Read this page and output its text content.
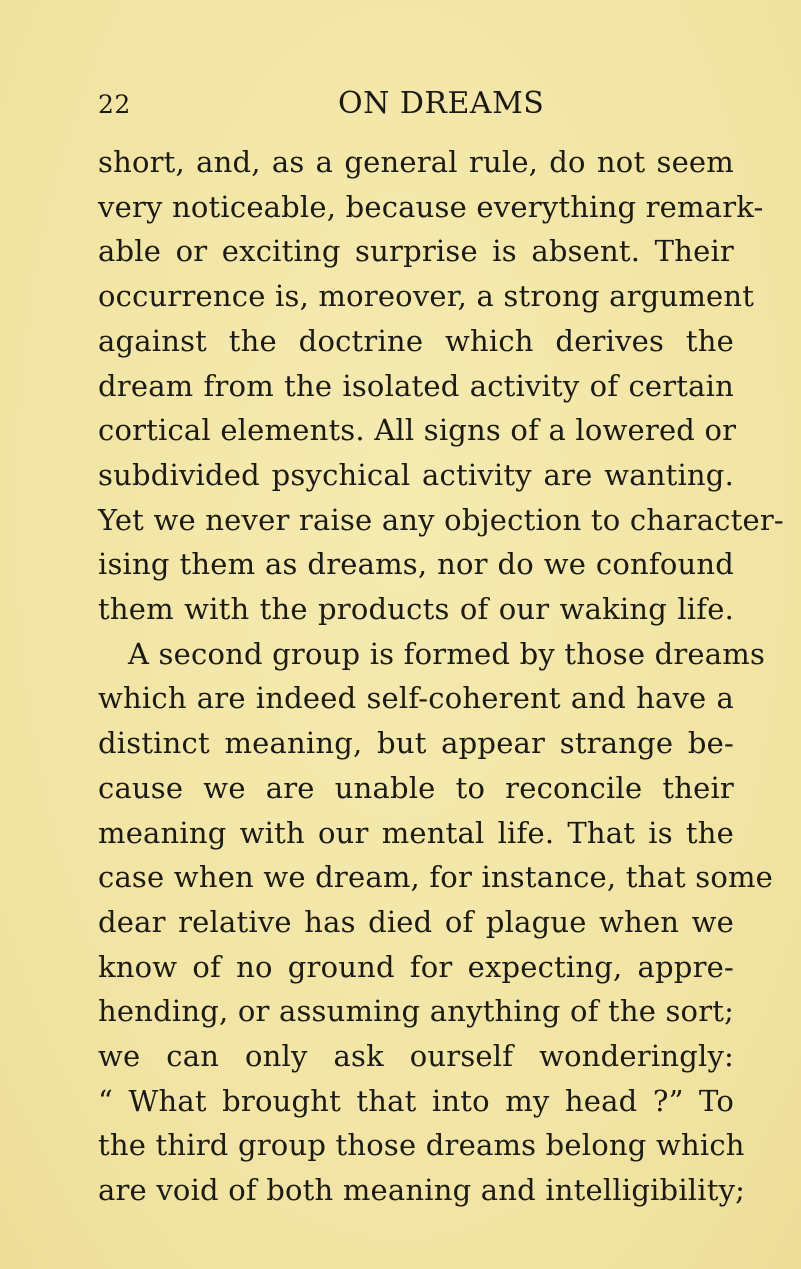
22	ON DREAMS
short, and, as a general rule, do not seem
very noticeable, because everything remark-
able or exciting surprise is absent. Their
occurrence is, moreover, a strong argument
against the doctrine which derives the
dream from the isolated activity of certain
cortical elements. All signs of a lowered or
subdivided psychical activity are wanting.
Yet we never raise any objection to character-
ising them as dreams, nor do we confound
them with the products of our waking life.
A second group is formed by those dreams
which are indeed self-coherent and have a
distinct meaning, but appear strange be-
cause we are unable to reconcile their
meaning with our mental life. That is the
case when we dream, for instance, that some
dear relative has died of plague when we
know of no ground for expecting, appre-
hending, or assuming anything of the sort;
we can only ask ourself wonderingly:
“ What brought that into my head ?” To
the third group those dreams belong which
are void of both meaning and intelligibility;
